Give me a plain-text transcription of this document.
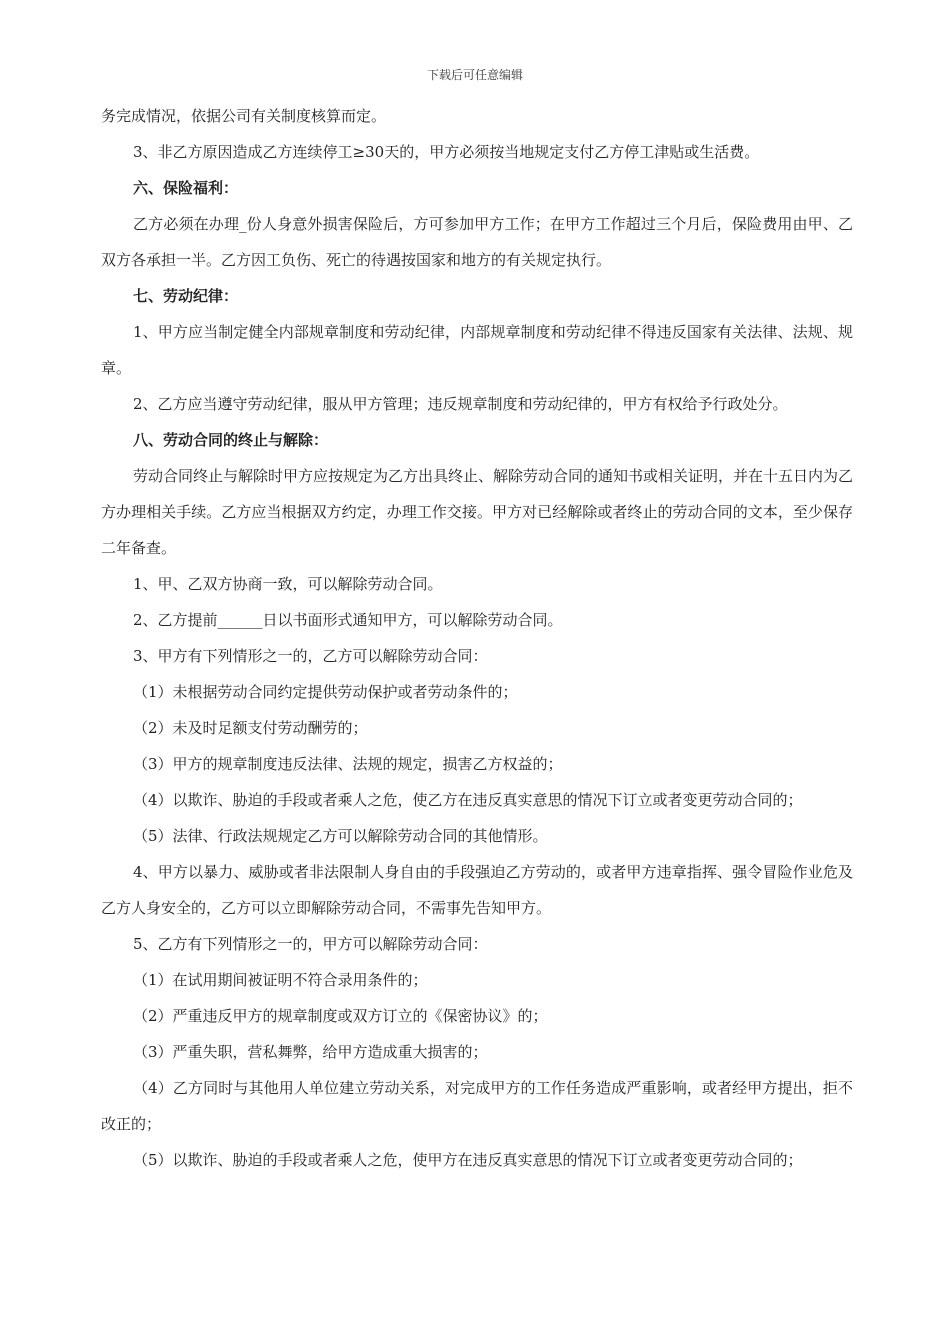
下载后可任意编辑

务完成情况，依据公司有关制度核算而定。

3、非乙方原因造成乙方连续停工≥30天的，甲方必须按当地规定支付乙方停工津贴或生活费。

六、保险福利：

乙方必须在办理_份人身意外损害保险后，方可参加甲方工作；在甲方工作超过三个月后，保险费用由甲、乙双方各承担一半。乙方因工负伤、死亡的待遇按国家和地方的有关规定执行。

七、劳动纪律：

1、甲方应当制定健全内部规章制度和劳动纪律，内部规章制度和劳动纪律不得违反国家有关法律、法规、规章。

2、乙方应当遵守劳动纪律，服从甲方管理；违反规章制度和劳动纪律的，甲方有权给予行政处分。

八、劳动合同的终止与解除：

劳动合同终止与解除时甲方应按规定为乙方出具终止、解除劳动合同的通知书或相关证明，并在十五日内为乙方办理相关手续。乙方应当根据双方约定，办理工作交接。甲方对已经解除或者终止的劳动合同的文本，至少保存二年备查。

1、甲、乙双方协商一致，可以解除劳动合同。

2、乙方提前______日以书面形式通知甲方，可以解除劳动合同。

3、甲方有下列情形之一的，乙方可以解除劳动合同：

（1）未根据劳动合同约定提供劳动保护或者劳动条件的；

（2）未及时足额支付劳动酬劳的；

（3）甲方的规章制度违反法律、法规的规定，损害乙方权益的；

（4）以欺诈、胁迫的手段或者乘人之危，使乙方在违反真实意思的情况下订立或者变更劳动合同的；

（5）法律、行政法规规定乙方可以解除劳动合同的其他情形。

4、甲方以暴力、威胁或者非法限制人身自由的手段强迫乙方劳动的，或者甲方违章指挥、强令冒险作业危及乙方人身安全的，乙方可以立即解除劳动合同，不需事先告知甲方。

5、乙方有下列情形之一的，甲方可以解除劳动合同：

（1）在试用期间被证明不符合录用条件的；

（2）严重违反甲方的规章制度或双方订立的《保密协议》的；

（3）严重失职，营私舞弊，给甲方造成重大损害的；

（4）乙方同时与其他用人单位建立劳动关系，对完成甲方的工作任务造成严重影响，或者经甲方提出，拒不改正的；

（5）以欺诈、胁迫的手段或者乘人之危，使甲方在违反真实意思的情况下订立或者变更劳动合同的；
